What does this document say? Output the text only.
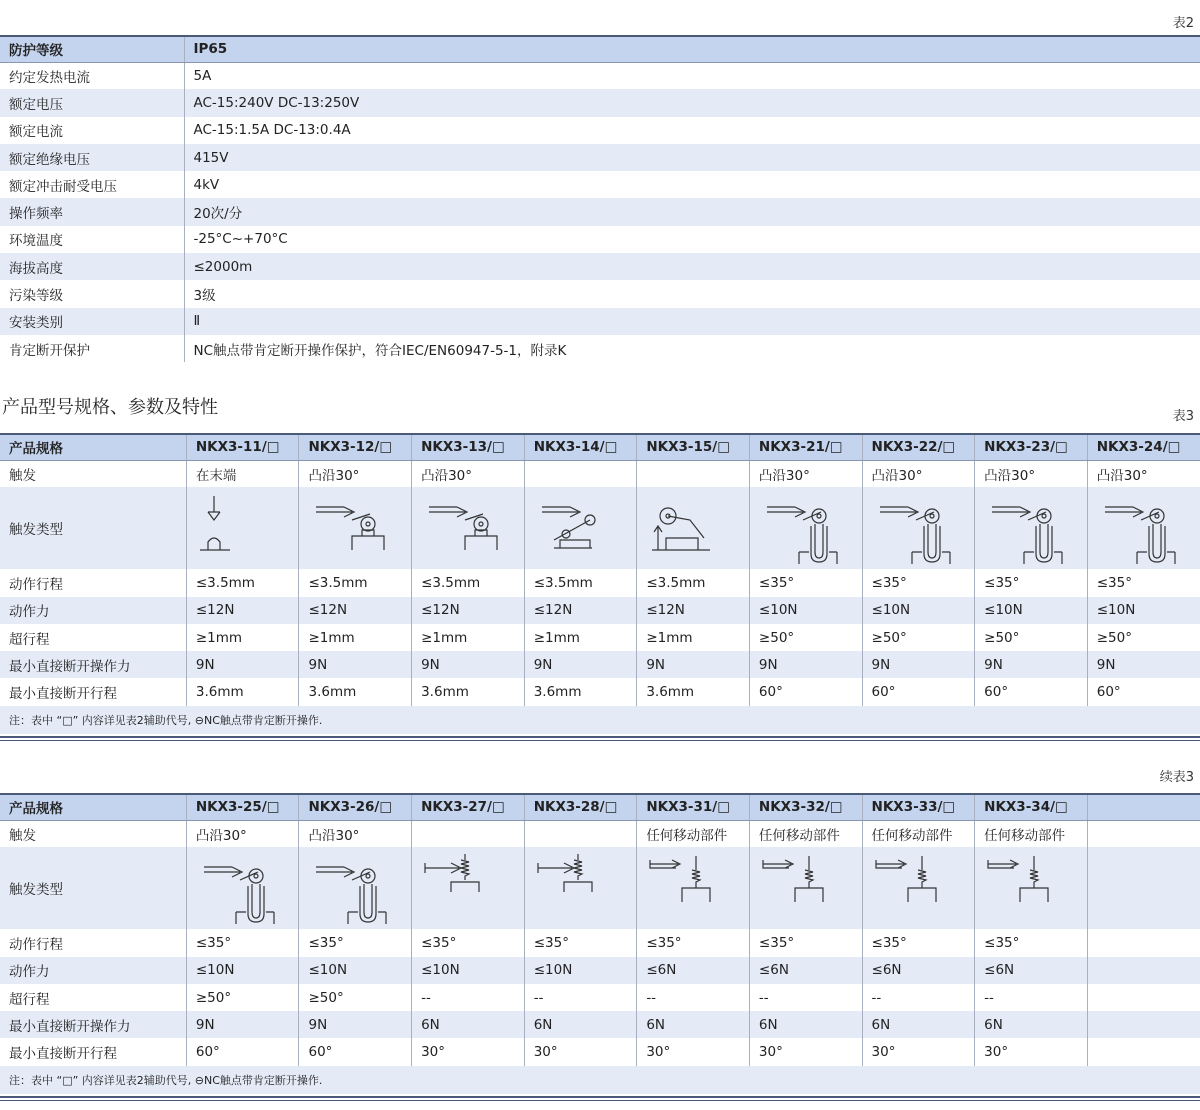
表2
防护等级	IP65
约定发热电流	5A
额定电压	AC-15:240V DC-13:250V
额定电流	AC-15:1.5A DC-13:0.4A
额定绝缘电压	415V
额定冲击耐受电压	4kV
操作频率	20次/分
环境温度	-25°C~+70°C
海拔高度	≤2000m
污染等级	3级
安装类别	Ⅱ
肯定断开保护	NC触点带肯定断开操作保护，符合IEC/EN60947-5-1，附录K
产品型号规格、参数及特性	表3
产品规格	NKX3-11/□	NKX3-12/□	NKX3-13/□	NKX3-14/□	NKX3-15/□	NKX3-21/□	NKX3-22/□	NKX3-23/□	NKX3-24/□
触发	在末端	凸沿30°	凸沿30°			凸沿30°	凸沿30°	凸沿30°	凸沿30°
触发类型	

动作行程	≤3.5mm	≤3.5mm	≤3.5mm	≤3.5mm	≤3.5mm	≤35°	≤35°	≤35°	≤35°
动作力	≤12N	≤12N	≤12N	≤12N	≤12N	≤10N	≤10N	≤10N	≤10N
超行程	≥1mm	≥1mm	≥1mm	≥1mm	≥1mm	≥50°	≥50°	≥50°	≥50°
最小直接断开操作力	9N	9N	9N	9N	9N	9N	9N	9N	9N
最小直接断开行程	3.6mm	3.6mm	3.6mm	3.6mm	3.6mm	60°	60°	60°	60°
注：表中 “□” 内容详见表2辅助代号, ⊖NC触点带肯定断开操作.									
续表3
产品规格	NKX3-25/□	NKX3-26/□	NKX3-27/□	NKX3-28/□	NKX3-31/□	NKX3-32/□	NKX3-33/□	NKX3-34/□	
触发	凸沿30°	凸沿30°			任何移动部件	任何移动部件	任何移动部件	任何移动部件	
触发类型	

动作行程	≤35°	≤35°	≤35°	≤35°	≤35°	≤35°	≤35°	≤35°	
动作力	≤10N	≤10N	≤10N	≤10N	≤6N	≤6N	≤6N	≤6N	
超行程	≥50°	≥50°	--	--	--	--	--	--	
最小直接断开操作力	9N	9N	6N	6N	6N	6N	6N	6N	
最小直接断开行程	60°	60°	30°	30°	30°	30°	30°	30°	
注：表中 “□” 内容详见表2辅助代号, ⊖NC触点带肯定断开操作.									
